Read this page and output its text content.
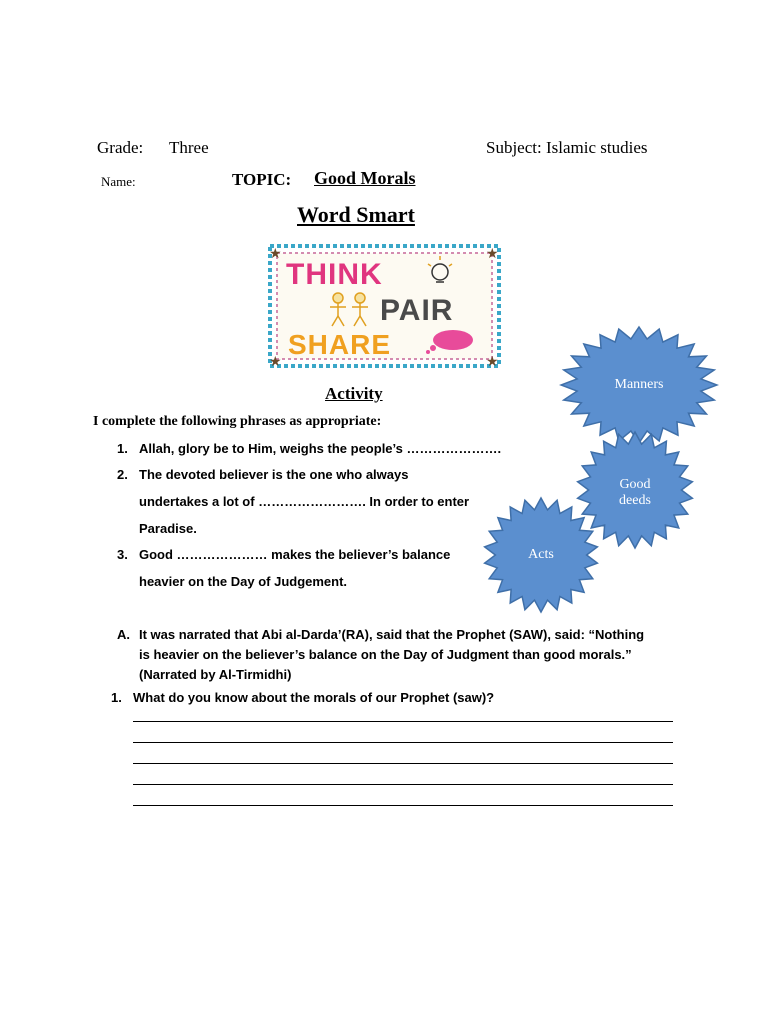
Grade: Three	Subject: Islamic studies
Name:	TOPIC: Good Morals
Word Smart
★	★
★	★
THINK
PAIR
SHARE
Activity
I complete the following phrases as appropriate:
1. Allah, glory be to Him, weighs the people’s ………………….
2. The devoted believer is the one who always
undertakes a lot of ……………………. In order to enter
Paradise.
3. Good ………………… makes the believer’s balance
heavier on the Day of Judgement.
Manners
Good deeds
Acts
A. It was narrated that Abi al-Darda’(RA), said that the Prophet (SAW), said: “Nothing
is heavier on the believer’s balance on the Day of Judgment than good morals.”
(Narrated by Al-Tirmidhi)
1. What do you know about the morals of our Prophet (saw)?
